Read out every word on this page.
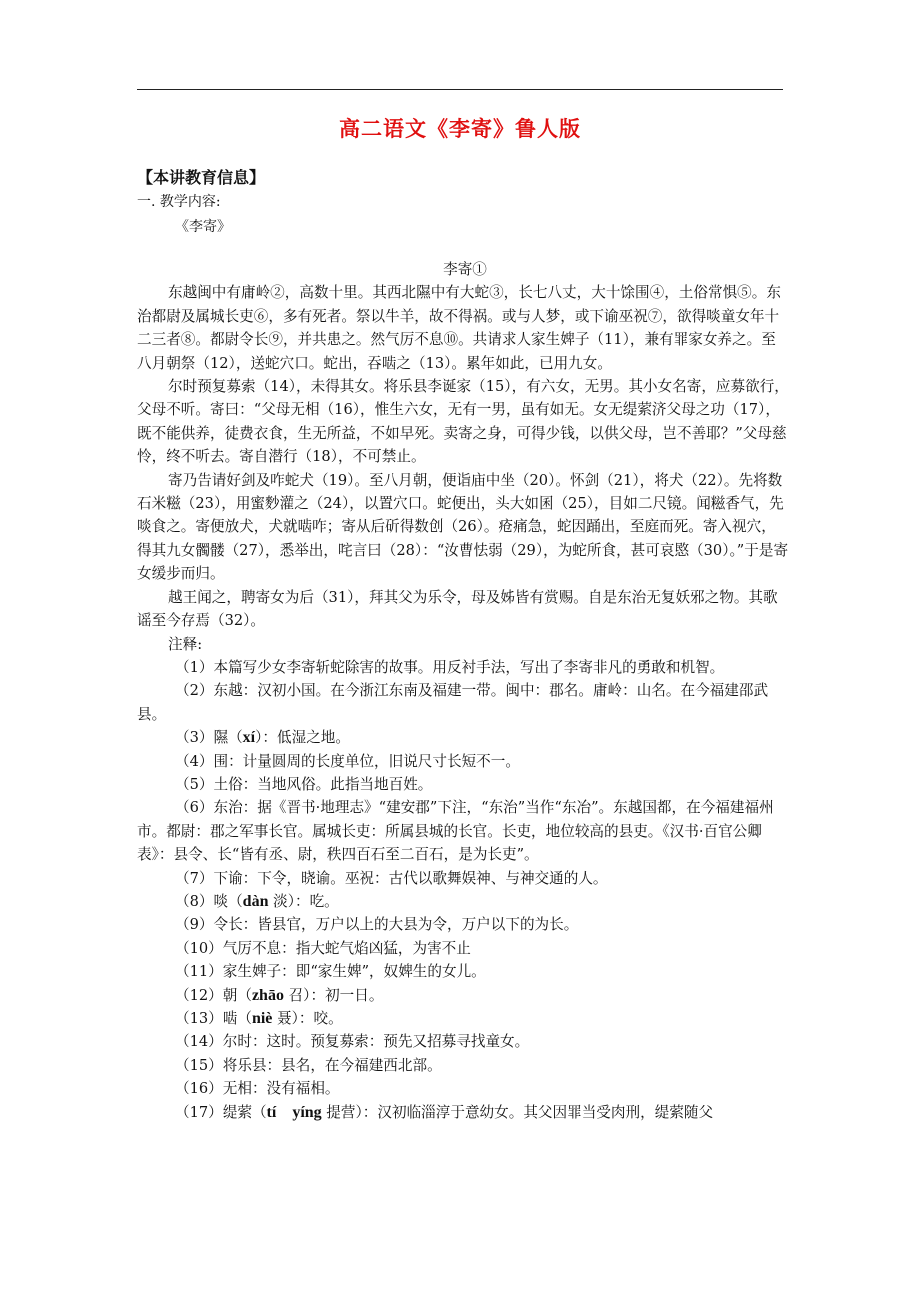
高二语文《李寄》鲁人版
【本讲教育信息】
一. 教学内容:
《李寄》
李寄①

东越闽中有庸岭②，高数十里。其西北隰中有大蛇③，长七八丈，大十馀围④，土俗常惧⑤。东治都尉及属城长吏⑥，多有死者。祭以牛羊，故不得祸。或与人梦，或下谕巫祝⑦，欲得啖童女年十二三者⑧。都尉令长⑨，并共患之。然气厉不息⑩。共请求人家生婢子（11），兼有罪家女养之。至八月朝祭（12），送蛇穴口。蛇出，吞啮之（13）。累年如此，已用九女。

尔时预复募索（14），未得其女。将乐县李诞家（15），有六女，无男。其小女名寄，应募欲行，父母不听。寄曰：“父母无相（16），惟生六女，无有一男，虽有如无。女无缇萦济父母之功（17），既不能供养，徒费衣食，生无所益，不如早死。卖寄之身，可得少钱，以供父母，岂不善耶？”父母慈怜，终不听去。寄自潜行（18），不可禁止。

寄乃告请好剑及咋蛇犬（19）。至八月朝，便诣庙中坐（20）。怀剑（21），将犬（22）。先将数石米糍（23），用蜜麨灌之（24），以置穴口。蛇便出，头大如囷（25），目如二尺镜。闻糍香气，先啖食之。寄便放犬，犬就啮咋；寄从后斫得数创（26）。疮痛急，蛇因踊出，至庭而死。寄入视穴，得其九女髑髅（27），悉举出，咤言曰（28）：“汝曹怯弱（29），为蛇所食，甚可哀愍（30）。”于是寄女缓步而归。

越王闻之，聘寄女为后（31），拜其父为乐令，母及姊皆有赏赐。自是东治无复妖邪之物。其歌谣至今存焉（32）。

注释:

（1）本篇写少女李寄斩蛇除害的故事。用反衬手法，写出了李寄非凡的勇敢和机智。

（2）东越：汉初小国。在今浙江东南及福建一带。闽中：郡名。庸岭：山名。在今福建邵武县。

（3）隰（xí）：低湿之地。

（4）围：计量圆周的长度单位，旧说尺寸长短不一。

（5）土俗：当地风俗。此指当地百姓。

（6）东治：据《晋书·地理志》“建安郡”下注，“东治”当作“东冶”。东越国都，在今福建福州市。都尉：郡之军事长官。属城长吏：所属县城的长官。长吏，地位较高的县吏。《汉书·百官公卿表》：县令、长“皆有丞、尉，秩四百石至二百石，是为长吏”。

（7）下谕：下令，晓谕。巫祝：古代以歌舞娱神、与神交通的人。

（8）啖（dàn 淡）：吃。

（9）令长：皆县官，万户以上的大县为令，万户以下的为长。

（10）气厉不息：指大蛇气焰凶猛，为害不止

（11）家生婢子：即“家生婢”，奴婢生的女儿。

（12）朝（zhāo 召）：初一日。

（13）啮（niè 聂）：咬。

（14）尔时：这时。预复募索：预先又招募寻找童女。

（15）将乐县：县名，在今福建西北部。

（16）无相：没有福相。

（17）缇萦（tí　yíng 提营）：汉初临淄淳于意幼女。其父因罪当受肉刑，缇萦随父
